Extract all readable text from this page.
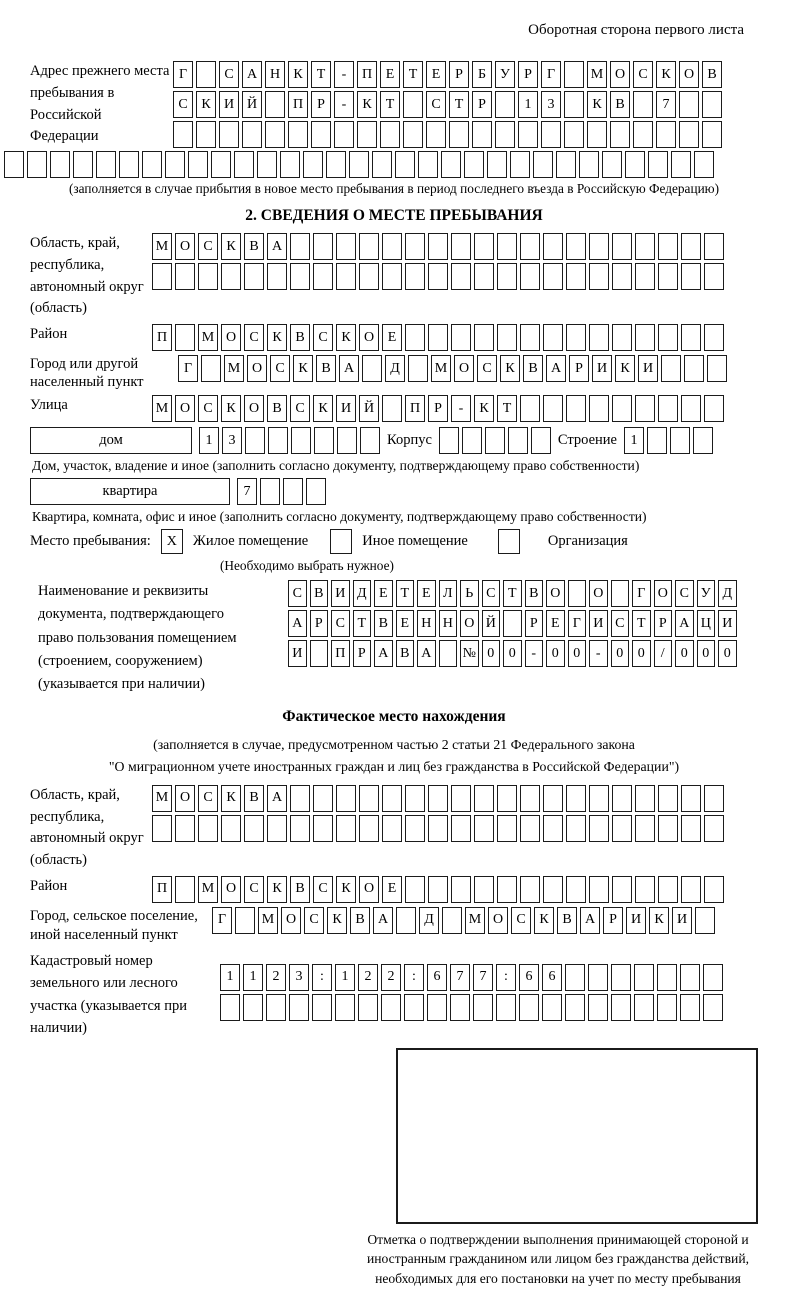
Оборотная сторона первого листа
Адрес прежнего места пребывания в Российской Федерации
Г	С А Н К	Т	-	П Е	Т	Е	Р	Б	У	Р	Г	М О С К О В
С К И Й	П	Р	-	К	Т	С	Т	Р	1	3	К В	7
(заполняется в случае прибытия в новое место пребывания в период последнего въезда в Российскую Федерацию)
2. СВЕДЕНИЯ О МЕСТЕ ПРЕБЫВАНИЯ
Область, край, республика, автономный округ (область)
М О С К В А
Район	П	М О С К В С К О Е
Город или другой населенный пункт
Г	М О С К В А	Д	М О С К В А	Р	И К И
Улица	М О С К О В С К И Й	П	Р	-	К	Т
дом	1	3	Корпус	Строение 1
Дом, участок, владение и иное (заполнить согласно документу, подтверждающему право собственности)
квартира	7
Квартира, комната, офис и иное (заполнить согласно документу, подтверждающему право собственности)
Место пребывания:	X	Жилое помещение	Иное помещение	Организация
(Необходимо выбрать нужное)
Наименование и реквизиты документа, подтверждающего право пользования помещением (строением, сооружением) (указывается при наличии)
С В И Д Е Т Е Л Ь С Т В О О	Г О С У Д
А Р С Т В Е Н Н О Й	Р Е Г И С Т Р А Ц И
И П Р А В А № 0	0	-	0	0	-	0	0	/	0	0	0
Фактическое место нахождения
(заполняется в случае, предусмотренном частью 2 статьи 21 Федерального закона
"О миграционном учете иностранных граждан и лиц без гражданства в Российской Федерации")
Область, край, республика, автономный округ (область)
М О С К В А
Район	П	М О С К В С К О Е
Город, сельское поселение, иной населенный пункт
Г	М О С К В А	Д	М О С К В А	Р	И К И
Кадастровый номер земельного или лесного участка (указывается при наличии)
1	1	2	3	:	1	2	2	:	6	7	7	:	6	6
Отметка о подтверждении выполнения принимающей стороной и иностранным гражданином или лицом без гражданства действий, необходимых для его постановки на учет по месту пребывания
